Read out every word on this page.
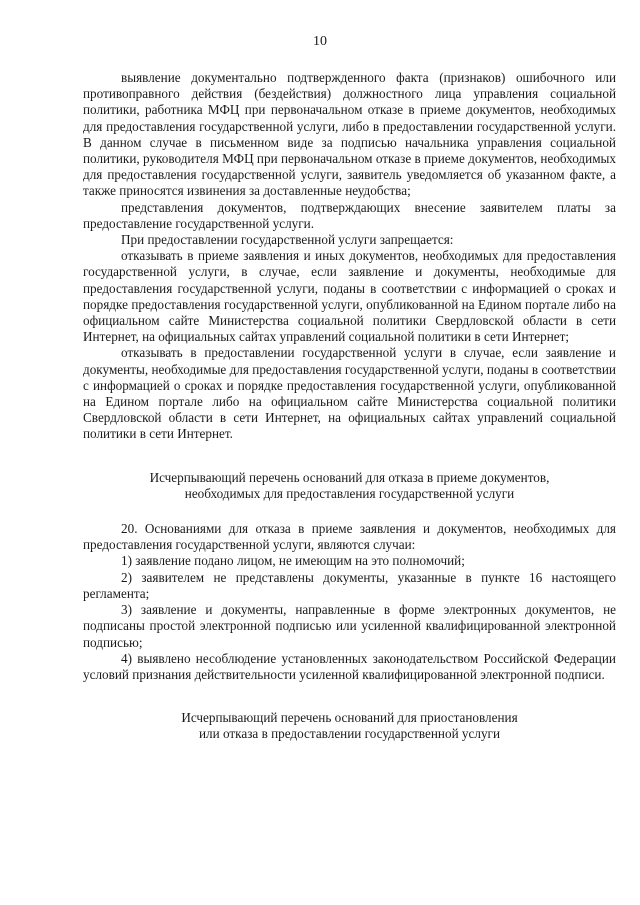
10

выявление документально подтвержденного факта (признаков) ошибочного или противоправного действия (бездействия) должностного лица управления социальной политики, работника МФЦ при первоначальном отказе в приеме документов, необходимых для предоставления государственной услуги, либо в предоставлении государственной услуги. В данном случае в письменном виде за подписью начальника управления социальной политики, руководителя МФЦ при первоначальном отказе в приеме документов, необходимых для предоставления государственной услуги, заявитель уведомляется об указанном факте, а также приносятся извинения за доставленные неудобства;

представления документов, подтверждающих внесение заявителем платы за предоставление государственной услуги.

При предоставлении государственной услуги запрещается:

отказывать в приеме заявления и иных документов, необходимых для предоставления государственной услуги, в случае, если заявление и документы, необходимые для предоставления государственной услуги, поданы в соответствии с информацией о сроках и порядке предоставления государственной услуги, опубликованной на Едином портале либо на официальном сайте Министерства социальной политики Свердловской области в сети Интернет, на официальных сайтах управлений социальной политики в сети Интернет;

отказывать в предоставлении государственной услуги в случае, если заявление и документы, необходимые для предоставления государственной услуги, поданы в соответствии с информацией о сроках и порядке предоставления государственной услуги, опубликованной на Едином портале либо на официальном сайте Министерства социальной политики Свердловской области в сети Интернет, на официальных сайтах управлений социальной политики в сети Интернет.

Исчерпывающий перечень оснований для отказа в приеме документов,
необходимых для предоставления государственной услуги

20. Основаниями для отказа в приеме заявления и документов, необходимых для предоставления государственной услуги, являются случаи:

1) заявление подано лицом, не имеющим на это полномочий;

2) заявителем не представлены документы, указанные в пункте 16 настоящего регламента;

3) заявление и документы, направленные в форме электронных документов, не подписаны простой электронной подписью или усиленной квалифицированной электронной подписью;

4) выявлено несоблюдение установленных законодательством Российской Федерации условий признания действительности усиленной квалифицированной электронной подписи.

Исчерпывающий перечень оснований для приостановления
или отказа в предоставлении государственной услуги
